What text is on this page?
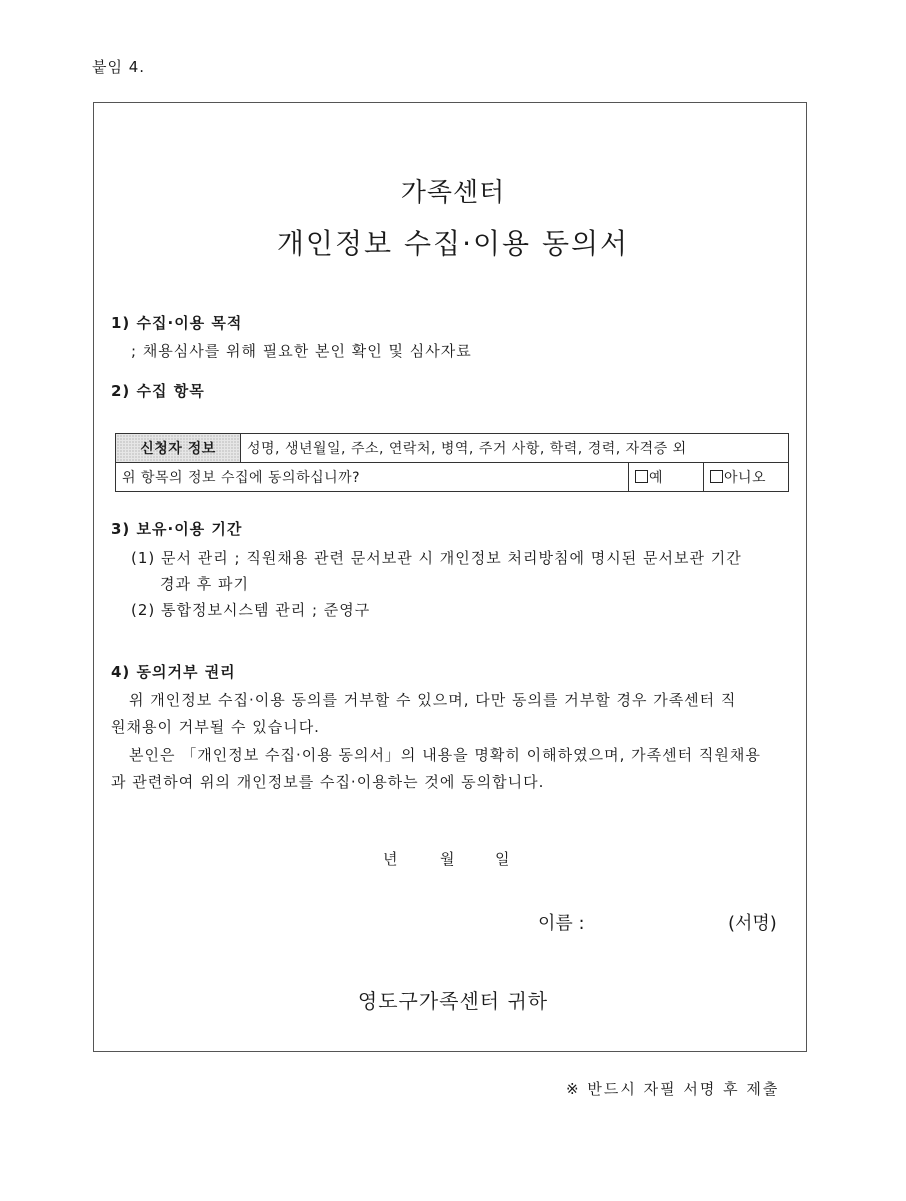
붙임 4.
가족센터
개인정보 수집·이용 동의서
1) 수집·이용 목적
; 채용심사를 위해 필요한 본인 확인 및 심사자료
2) 수집 항목
신청자 정보	성명, 생년월일, 주소, 연락처, 병역, 주거 사항, 학력, 경력, 자격증 외		
위 항목의 정보 수집에 동의하십니까?		예	아니오
3) 보유·이용 기간
(1) 문서 관리 ; 직원채용 관련 문서보관 시 개인정보 처리방침에 명시된 문서보관 기간
경과 후 파기
(2) 통합정보시스템 관리 ; 준영구
4) 동의거부 권리
위 개인정보 수집·이용 동의를 거부할 수 있으며, 다만 동의를 거부할 경우 가족센터 직
원채용이 거부될 수 있습니다.
본인은 「개인정보 수집·이용 동의서」의 내용을 명확히 이해하였으며, 가족센터 직원채용
과 관련하여 위의 개인정보를 수집·이용하는 것에 동의합니다.
년	월	일
이름 :	(서명)
영도구가족센터 귀하
※ 반드시 자필 서명 후 제출
